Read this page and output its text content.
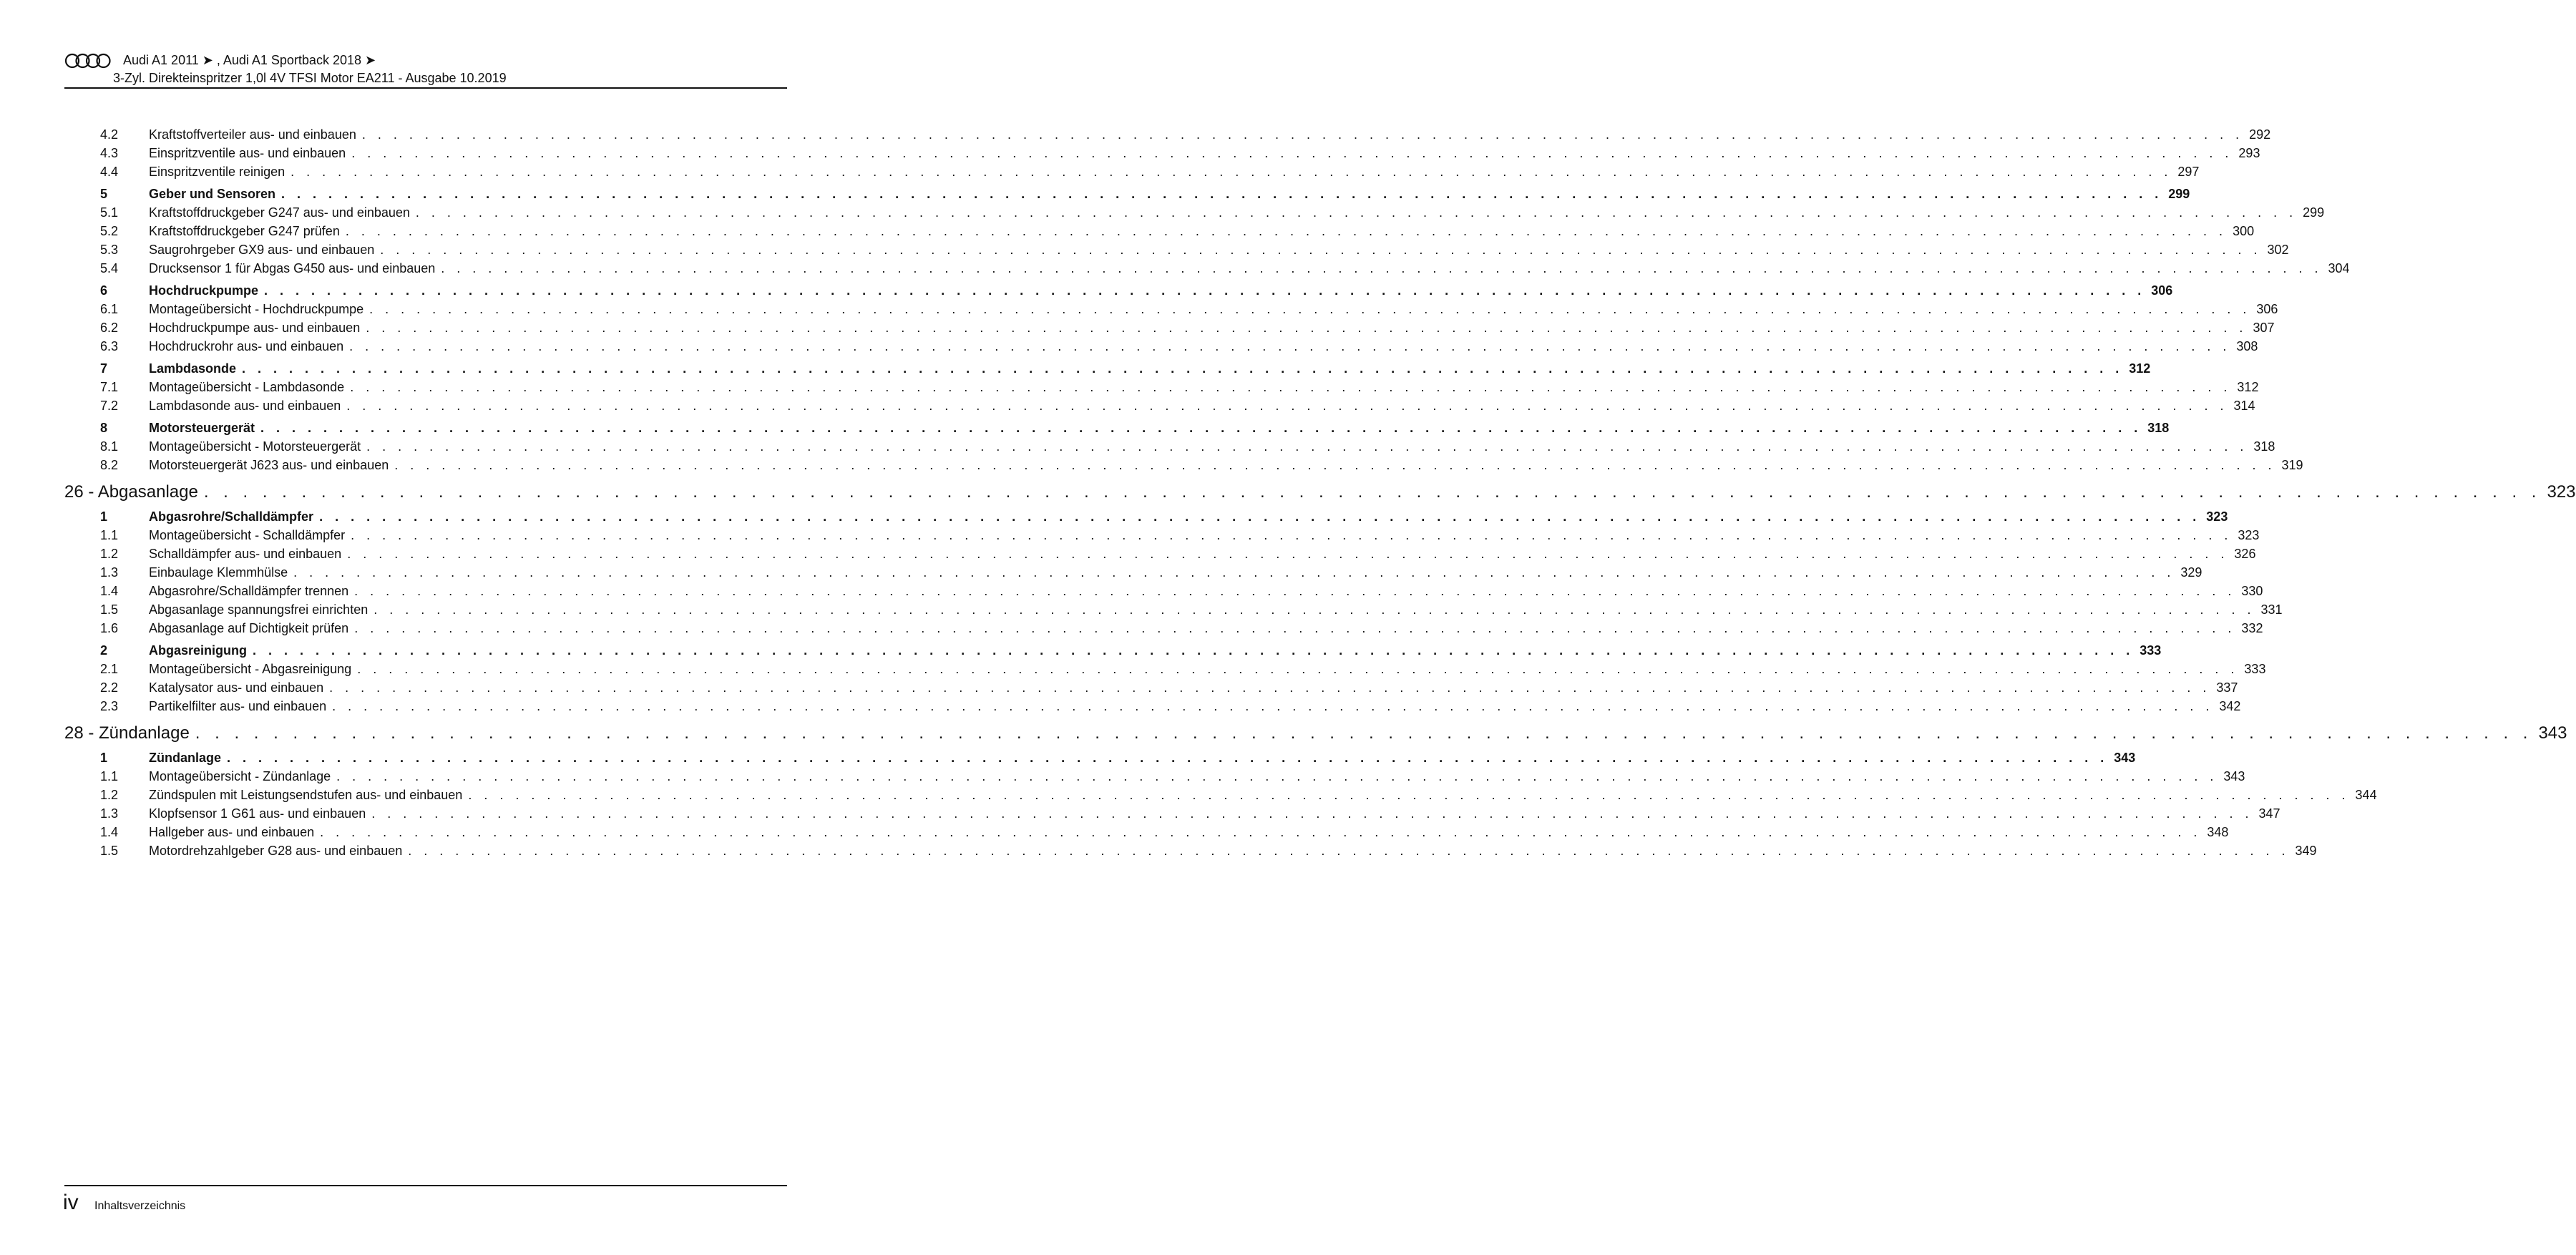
Audi A1 2011 ➤ , Audi A1 Sportback 2018 ➤
3-Zyl. Direkteinspritzer 1,0l 4V TFSI Motor EA211 - Ausgabe 10.2019
4.2 Kraftstoffverteiler aus- und einbauen . . . . . . . . . . . . . . . . . . . . . . . . . . . . . . . . . . . . . . . . . . . . . . . . . . . . . . . . . . . . . . . . . . . . . . . . . . . . . . . . . . . . . . . . . . . . . . . . . . . . . . . . . . . . . . . . . . . . . . . . 292
4.3 Einspritzventile aus- und einbauen . . . . . . . . . . . . . . . . . . . . . . . . . . . . . . . . . . . . . . . . . . . . . . . . . . . . . . . . . . . . . . . . . . . . . . . . . . . . . . . . . . . . . . . . . . . . . . . . . . . . . . . . . . . . . . . . . . . . . . . . 293
4.4 Einspritzventile reinigen . . . . . . . . . . . . . . . . . . . . . . . . . . . . . . . . . . . . . . . . . . . . . . . . . . . . . . . . . . . . . . . . . . . . . . . . . . . . . . . . . . . . . . . . . . . . . . . . . . . . . . . . . . . . . . . . . . . . . . . . 297
5	Geber und Sensoren . . . . . . . . . . . . . . . . . . . . . . . . . . . . . . . . . . . . . . . . . . . . . . . . . . . . . . . . . . . . . . . . . . . . . . . . . . . . . . . . . . . . . . . . . . . . . . . . . . . . . . . . . . . . . . . . . . . . . . . . 299
5.1 Kraftstoffdruckgeber G247 aus- und einbauen . . . . . . . . . . . . . . . . . . . . . . . . . . . . . . . . . . . . . . . . . . . . . . . . . . . . . . . . . . . . . . . . . . . . . . . . . . . . . . . . . . . . . . . . . . . . . . . . . . . . . . . . . . . . . . . . . . . . . . . . 299
5.2 Kraftstoffdruckgeber G247 prüfen . . . . . . . . . . . . . . . . . . . . . . . . . . . . . . . . . . . . . . . . . . . . . . . . . . . . . . . . . . . . . . . . . . . . . . . . . . . . . . . . . . . . . . . . . . . . . . . . . . . . . . . . . . . . . . . . . . . . . . . . 300
5.3 Saugrohrgeber GX9 aus- und einbauen . . . . . . . . . . . . . . . . . . . . . . . . . . . . . . . . . . . . . . . . . . . . . . . . . . . . . . . . . . . . . . . . . . . . . . . . . . . . . . . . . . . . . . . . . . . . . . . . . . . . . . . . . . . . . . . . . . . . . . . . 302
5.4 Drucksensor 1 für Abgas G450 aus- und einbauen . . . . . . . . . . . . . . . . . . . . . . . . . . . . . . . . . . . . . . . . . . . . . . . . . . . . . . . . . . . . . . . . . . . . . . . . . . . . . . . . . . . . . . . . . . . . . . . . . . . . . . . . . . . . . . . . . . . . . . . . 304
6	Hochdruckpumpe . . . . . . . . . . . . . . . . . . . . . . . . . . . . . . . . . . . . . . . . . . . . . . . . . . . . . . . . . . . . . . . . . . . . . . . . . . . . . . . . . . . . . . . . . . . . . . . . . . . . . . . . . . . . . . . . . . . . . . . . 306
6.1 Montageübersicht - Hochdruckpumpe . . . . . . . . . . . . . . . . . . . . . . . . . . . . . . . . . . . . . . . . . . . . . . . . . . . . . . . . . . . . . . . . . . . . . . . . . . . . . . . . . . . . . . . . . . . . . . . . . . . . . . . . . . . . . . . . . . . . . . . . 306
6.2 Hochdruckpumpe aus- und einbauen . . . . . . . . . . . . . . . . . . . . . . . . . . . . . . . . . . . . . . . . . . . . . . . . . . . . . . . . . . . . . . . . . . . . . . . . . . . . . . . . . . . . . . . . . . . . . . . . . . . . . . . . . . . . . . . . . . . . . . . . 307
6.3 Hochdruckrohr aus- und einbauen . . . . . . . . . . . . . . . . . . . . . . . . . . . . . . . . . . . . . . . . . . . . . . . . . . . . . . . . . . . . . . . . . . . . . . . . . . . . . . . . . . . . . . . . . . . . . . . . . . . . . . . . . . . . . . . . . . . . . . . . 308
7	Lambdasonde . . . . . . . . . . . . . . . . . . . . . . . . . . . . . . . . . . . . . . . . . . . . . . . . . . . . . . . . . . . . . . . . . . . . . . . . . . . . . . . . . . . . . . . . . . . . . . . . . . . . . . . . . . . . . . . . . . . . . . . . 312
7.1 Montageübersicht - Lambdasonde . . . . . . . . . . . . . . . . . . . . . . . . . . . . . . . . . . . . . . . . . . . . . . . . . . . . . . . . . . . . . . . . . . . . . . . . . . . . . . . . . . . . . . . . . . . . . . . . . . . . . . . . . . . . . . . . . . . . . . . . 312
7.2 Lambdasonde aus- und einbauen . . . . . . . . . . . . . . . . . . . . . . . . . . . . . . . . . . . . . . . . . . . . . . . . . . . . . . . . . . . . . . . . . . . . . . . . . . . . . . . . . . . . . . . . . . . . . . . . . . . . . . . . . . . . . . . . . . . . . . . . 314
8	Motorsteuergerät . . . . . . . . . . . . . . . . . . . . . . . . . . . . . . . . . . . . . . . . . . . . . . . . . . . . . . . . . . . . . . . . . . . . . . . . . . . . . . . . . . . . . . . . . . . . . . . . . . . . . . . . . . . . . . . . . . . . . . . . 318
8.1 Montageübersicht - Motorsteuergerät . . . . . . . . . . . . . . . . . . . . . . . . . . . . . . . . . . . . . . . . . . . . . . . . . . . . . . . . . . . . . . . . . . . . . . . . . . . . . . . . . . . . . . . . . . . . . . . . . . . . . . . . . . . . . . . . . . . . . . . . 318
8.2 Motorsteuergerät J623 aus- und einbauen . . . . . . . . . . . . . . . . . . . . . . . . . . . . . . . . . . . . . . . . . . . . . . . . . . . . . . . . . . . . . . . . . . . . . . . . . . . . . . . . . . . . . . . . . . . . . . . . . . . . . . . . . . . . . . . . . . . . . . . . 319
26 - Abgasanlage . . . . . . . . . . . . . . . . . . . . . . . . . . . . . . . . . . . . . . . . . . . . . . . . . . . . . . . . . . . . . . . . . . . . . . . . . . . . . . . . . . . . . . . . . . . . . . . . . . . . . . . . . . . . . . . . . . . . . . . . 323
1	Abgasrohre/Schalldämpfer . . . . . . . . . . . . . . . . . . . . . . . . . . . . . . . . . . . . . . . . . . . . . . . . . . . . . . . . . . . . . . . . . . . . . . . . . . . . . . . . . . . . . . . . . . . . . . . . . . . . . . . . . . . . . . . . . . . . . . . . 323
1.1 Montageübersicht - Schalldämpfer . . . . . . . . . . . . . . . . . . . . . . . . . . . . . . . . . . . . . . . . . . . . . . . . . . . . . . . . . . . . . . . . . . . . . . . . . . . . . . . . . . . . . . . . . . . . . . . . . . . . . . . . . . . . . . . . . . . . . . . . 323
1.2 Schalldämpfer aus- und einbauen . . . . . . . . . . . . . . . . . . . . . . . . . . . . . . . . . . . . . . . . . . . . . . . . . . . . . . . . . . . . . . . . . . . . . . . . . . . . . . . . . . . . . . . . . . . . . . . . . . . . . . . . . . . . . . . . . . . . . . . . 326
1.3 Einbaulage Klemmhülse . . . . . . . . . . . . . . . . . . . . . . . . . . . . . . . . . . . . . . . . . . . . . . . . . . . . . . . . . . . . . . . . . . . . . . . . . . . . . . . . . . . . . . . . . . . . . . . . . . . . . . . . . . . . . . . . . . . . . . . . 329
1.4 Abgasrohre/Schalldämpfer trennen . . . . . . . . . . . . . . . . . . . . . . . . . . . . . . . . . . . . . . . . . . . . . . . . . . . . . . . . . . . . . . . . . . . . . . . . . . . . . . . . . . . . . . . . . . . . . . . . . . . . . . . . . . . . . . . . . . . . . . . . 330
1.5 Abgasanlage spannungsfrei einrichten . . . . . . . . . . . . . . . . . . . . . . . . . . . . . . . . . . . . . . . . . . . . . . . . . . . . . . . . . . . . . . . . . . . . . . . . . . . . . . . . . . . . . . . . . . . . . . . . . . . . . . . . . . . . . . . . . . . . . . . . 331
1.6 Abgasanlage auf Dichtigkeit prüfen . . . . . . . . . . . . . . . . . . . . . . . . . . . . . . . . . . . . . . . . . . . . . . . . . . . . . . . . . . . . . . . . . . . . . . . . . . . . . . . . . . . . . . . . . . . . . . . . . . . . . . . . . . . . . . . . . . . . . . . . 332
2	Abgasreinigung . . . . . . . . . . . . . . . . . . . . . . . . . . . . . . . . . . . . . . . . . . . . . . . . . . . . . . . . . . . . . . . . . . . . . . . . . . . . . . . . . . . . . . . . . . . . . . . . . . . . . . . . . . . . . . . . . . . . . . . . 333
2.1 Montageübersicht - Abgasreinigung . . . . . . . . . . . . . . . . . . . . . . . . . . . . . . . . . . . . . . . . . . . . . . . . . . . . . . . . . . . . . . . . . . . . . . . . . . . . . . . . . . . . . . . . . . . . . . . . . . . . . . . . . . . . . . . . . . . . . . . . 333
2.2 Katalysator aus- und einbauen . . . . . . . . . . . . . . . . . . . . . . . . . . . . . . . . . . . . . . . . . . . . . . . . . . . . . . . . . . . . . . . . . . . . . . . . . . . . . . . . . . . . . . . . . . . . . . . . . . . . . . . . . . . . . . . . . . . . . . . . 337
2.3 Partikelfilter aus- und einbauen . . . . . . . . . . . . . . . . . . . . . . . . . . . . . . . . . . . . . . . . . . . . . . . . . . . . . . . . . . . . . . . . . . . . . . . . . . . . . . . . . . . . . . . . . . . . . . . . . . . . . . . . . . . . . . . . . . . . . . . . 342
28 - Zündanlage . . . . . . . . . . . . . . . . . . . . . . . . . . . . . . . . . . . . . . . . . . . . . . . . . . . . . . . . . . . . . . . . . . . . . . . . . . . . . . . . . . . . . . . . . . . . . . . . . . . . . . . . . . . . . . . . . . . . . . . . 343
1	Zündanlage . . . . . . . . . . . . . . . . . . . . . . . . . . . . . . . . . . . . . . . . . . . . . . . . . . . . . . . . . . . . . . . . . . . . . . . . . . . . . . . . . . . . . . . . . . . . . . . . . . . . . . . . . . . . . . . . . . . . . . . . 343
1.1 Montageübersicht - Zündanlage . . . . . . . . . . . . . . . . . . . . . . . . . . . . . . . . . . . . . . . . . . . . . . . . . . . . . . . . . . . . . . . . . . . . . . . . . . . . . . . . . . . . . . . . . . . . . . . . . . . . . . . . . . . . . . . . . . . . . . . . 343
1.2 Zündspulen mit Leistungsendstufen aus- und einbauen . . . . . . . . . . . . . . . . . . . . . . . . . . . . . . . . . . . . . . . . . . . . . . . . . . . . . . . . . . . . . . . . . . . . . . . . . . . . . . . . . . . . . . . . . . . . . . . . . . . . . . . . . . . . . . . . . . . . . . . . 344
1.3 Klopfsensor 1 G61 aus- und einbauen . . . . . . . . . . . . . . . . . . . . . . . . . . . . . . . . . . . . . . . . . . . . . . . . . . . . . . . . . . . . . . . . . . . . . . . . . . . . . . . . . . . . . . . . . . . . . . . . . . . . . . . . . . . . . . . . . . . . . . . . 347
1.4 Hallgeber aus- und einbauen . . . . . . . . . . . . . . . . . . . . . . . . . . . . . . . . . . . . . . . . . . . . . . . . . . . . . . . . . . . . . . . . . . . . . . . . . . . . . . . . . . . . . . . . . . . . . . . . . . . . . . . . . . . . . . . . . . . . . . . . 348
1.5 Motordrehzahlgeber G28 aus- und einbauen . . . . . . . . . . . . . . . . . . . . . . . . . . . . . . . . . . . . . . . . . . . . . . . . . . . . . . . . . . . . . . . . . . . . . . . . . . . . . . . . . . . . . . . . . . . . . . . . . . . . . . . . . . . . . . . . . . . . . . . . 349
iv Inhaltsverzeichnis
